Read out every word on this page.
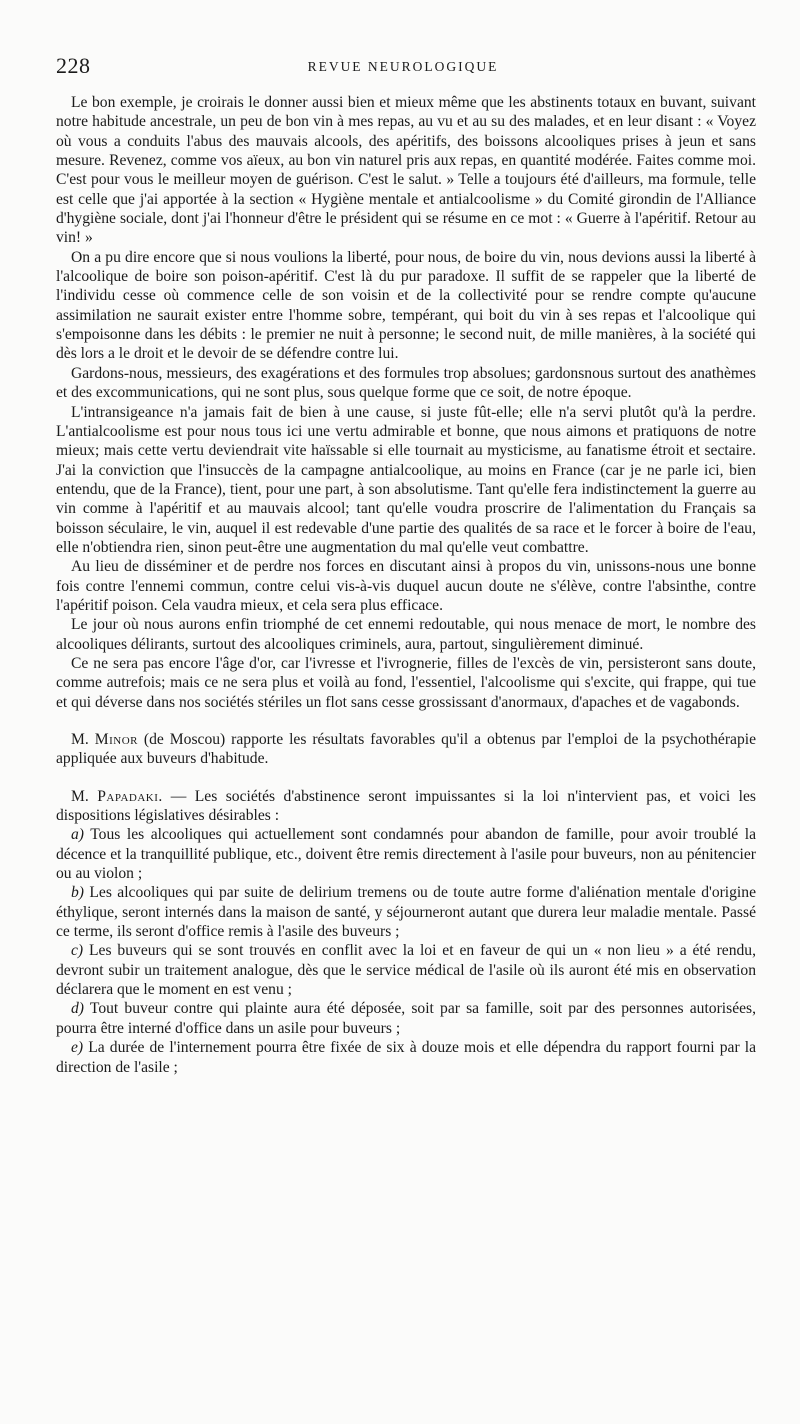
228	REVUE NEUROLOGIQUE

Le bon exemple, je croirais le donner aussi bien et mieux même que les abstinents totaux en buvant, suivant notre habitude ancestrale, un peu de bon vin à mes repas, au vu et au su des malades, et en leur disant : « Voyez où vous a conduits l'abus des mauvais alcools, des apéritifs, des boissons alcooliques prises à jeun et sans mesure. Revenez, comme vos aïeux, au bon vin naturel pris aux repas, en quantité modérée. Faites comme moi. C'est pour vous le meilleur moyen de guérison. C'est le salut. » Telle a toujours été d'ailleurs, ma formule, telle est celle que j'ai apportée à la section « Hygiène mentale et antialcoolisme » du Comité girondin de l'Alliance d'hygiène sociale, dont j'ai l'honneur d'être le président qui se résume en ce mot : « Guerre à l'apéritif. Retour au vin! »

On a pu dire encore que si nous voulions la liberté, pour nous, de boire du vin, nous devions aussi la liberté à l'alcoolique de boire son poison-apéritif. C'est là du pur paradoxe. Il suffit de se rappeler que la liberté de l'individu cesse où commence celle de son voisin et de la collectivité pour se rendre compte qu'aucune assimilation ne saurait exister entre l'homme sobre, tempérant, qui boit du vin à ses repas et l'alcoolique qui s'empoisonne dans les débits : le premier ne nuit à personne; le second nuit, de mille manières, à la société qui dès lors a le droit et le devoir de se défendre contre lui.

Gardons-nous, messieurs, des exagérations et des formules trop absolues; gardonsnous surtout des anathèmes et des excommunications, qui ne sont plus, sous quelque forme que ce soit, de notre époque.

L'intransigeance n'a jamais fait de bien à une cause, si juste fût-elle; elle n'a servi plutôt qu'à la perdre. L'antialcoolisme est pour nous tous ici une vertu admirable et bonne, que nous aimons et pratiquons de notre mieux; mais cette vertu deviendrait vite haïssable si elle tournait au mysticisme, au fanatisme étroit et sectaire. J'ai la conviction que l'insuccès de la campagne antialcoolique, au moins en France (car je ne parle ici, bien entendu, que de la France), tient, pour une part, à son absolutisme. Tant qu'elle fera indistinctement la guerre au vin comme à l'apéritif et au mauvais alcool; tant qu'elle voudra proscrire de l'alimentation du Français sa boisson séculaire, le vin, auquel il est redevable d'une partie des qualités de sa race et le forcer à boire de l'eau, elle n'obtiendra rien, sinon peut-être une augmentation du mal qu'elle veut combattre.

Au lieu de disséminer et de perdre nos forces en discutant ainsi à propos du vin, unissons-nous une bonne fois contre l'ennemi commun, contre celui vis-à-vis duquel aucun doute ne s'élève, contre l'absinthe, contre l'apéritif poison. Cela vaudra mieux, et cela sera plus efficace.

Le jour où nous aurons enfin triomphé de cet ennemi redoutable, qui nous menace de mort, le nombre des alcooliques délirants, surtout des alcooliques criminels, aura, partout, singulièrement diminué.

Ce ne sera pas encore l'âge d'or, car l'ivresse et l'ivrognerie, filles de l'excès de vin, persisteront sans doute, comme autrefois; mais ce ne sera plus et voilà au fond, l'essentiel, l'alcoolisme qui s'excite, qui frappe, qui tue et qui déverse dans nos sociétés stériles un flot sans cesse grossissant d'anormaux, d'apaches et de vagabonds.

M. Minor (de Moscou) rapporte les résultats favorables qu'il a obtenus par l'emploi de la psychothérapie appliquée aux buveurs d'habitude.

M. Papadaki. — Les sociétés d'abstinence seront impuissantes si la loi n'intervient pas, et voici les dispositions législatives désirables :

a) Tous les alcooliques qui actuellement sont condamnés pour abandon de famille, pour avoir troublé la décence et la tranquillité publique, etc., doivent être remis directement à l'asile pour buveurs, non au pénitencier ou au violon ;

b) Les alcooliques qui par suite de delirium tremens ou de toute autre forme d'aliénation mentale d'origine éthylique, seront internés dans la maison de santé, y séjourneront autant que durera leur maladie mentale. Passé ce terme, ils seront d'office remis à l'asile des buveurs ;

c) Les buveurs qui se sont trouvés en conflit avec la loi et en faveur de qui un « non lieu » a été rendu, devront subir un traitement analogue, dès que le service médical de l'asile où ils auront été mis en observation déclarera que le moment en est venu ;

d) Tout buveur contre qui plainte aura été déposée, soit par sa famille, soit par des personnes autorisées, pourra être interné d'office dans un asile pour buveurs ;

e) La durée de l'internement pourra être fixée de six à douze mois et elle dépendra du rapport fourni par la direction de l'asile ;
